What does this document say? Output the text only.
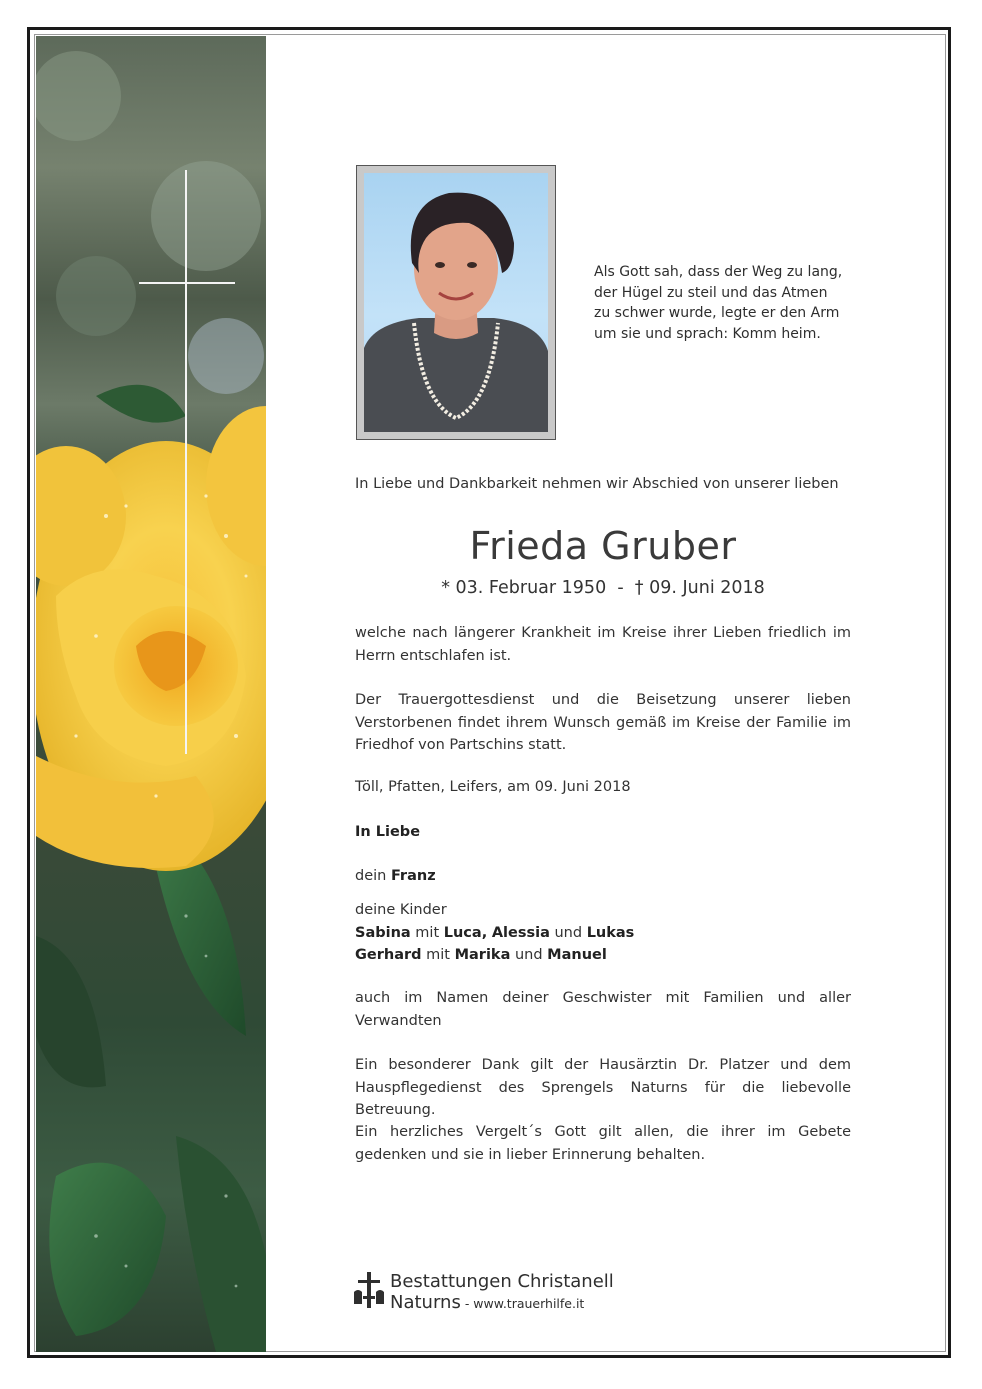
Als Gott sah, dass der Weg zu lang,
der Hügel zu steil und das Atmen
zu schwer wurde, legte er den Arm
um sie und sprach: Komm heim.
In Liebe und Dankbarkeit nehmen wir Abschied von unserer lieben
Frieda Gruber
* 03. Februar 1950  -  † 09. Juni 2018
welche nach längerer Krankheit im Kreise ihrer Lieben friedlich im Herrn entschlafen ist.
Der Trauergottesdienst und die Beisetzung unserer lieben Verstorbenen findet ihrem Wunsch gemäß im Kreise der Familie im Friedhof von Partschins statt.
Töll, Pfatten, Leifers, am 09. Juni 2018
In Liebe
dein Franz
deine Kinder
Sabina mit Luca, Alessia und Lukas
Gerhard mit Marika und Manuel
auch im Namen deiner Geschwister mit Familien und aller Verwandten
Ein besonderer Dank gilt der Hausärztin Dr. Platzer und dem Hauspflegedienst des Sprengels Naturns für die liebevolle Betreuung.
Ein herzliches Vergelt´s Gott gilt allen, die ihrer im Gebete gedenken und sie in lieber Erinnerung behalten.
Bestattungen Christanell
Naturns - www.trauerhilfe.it
